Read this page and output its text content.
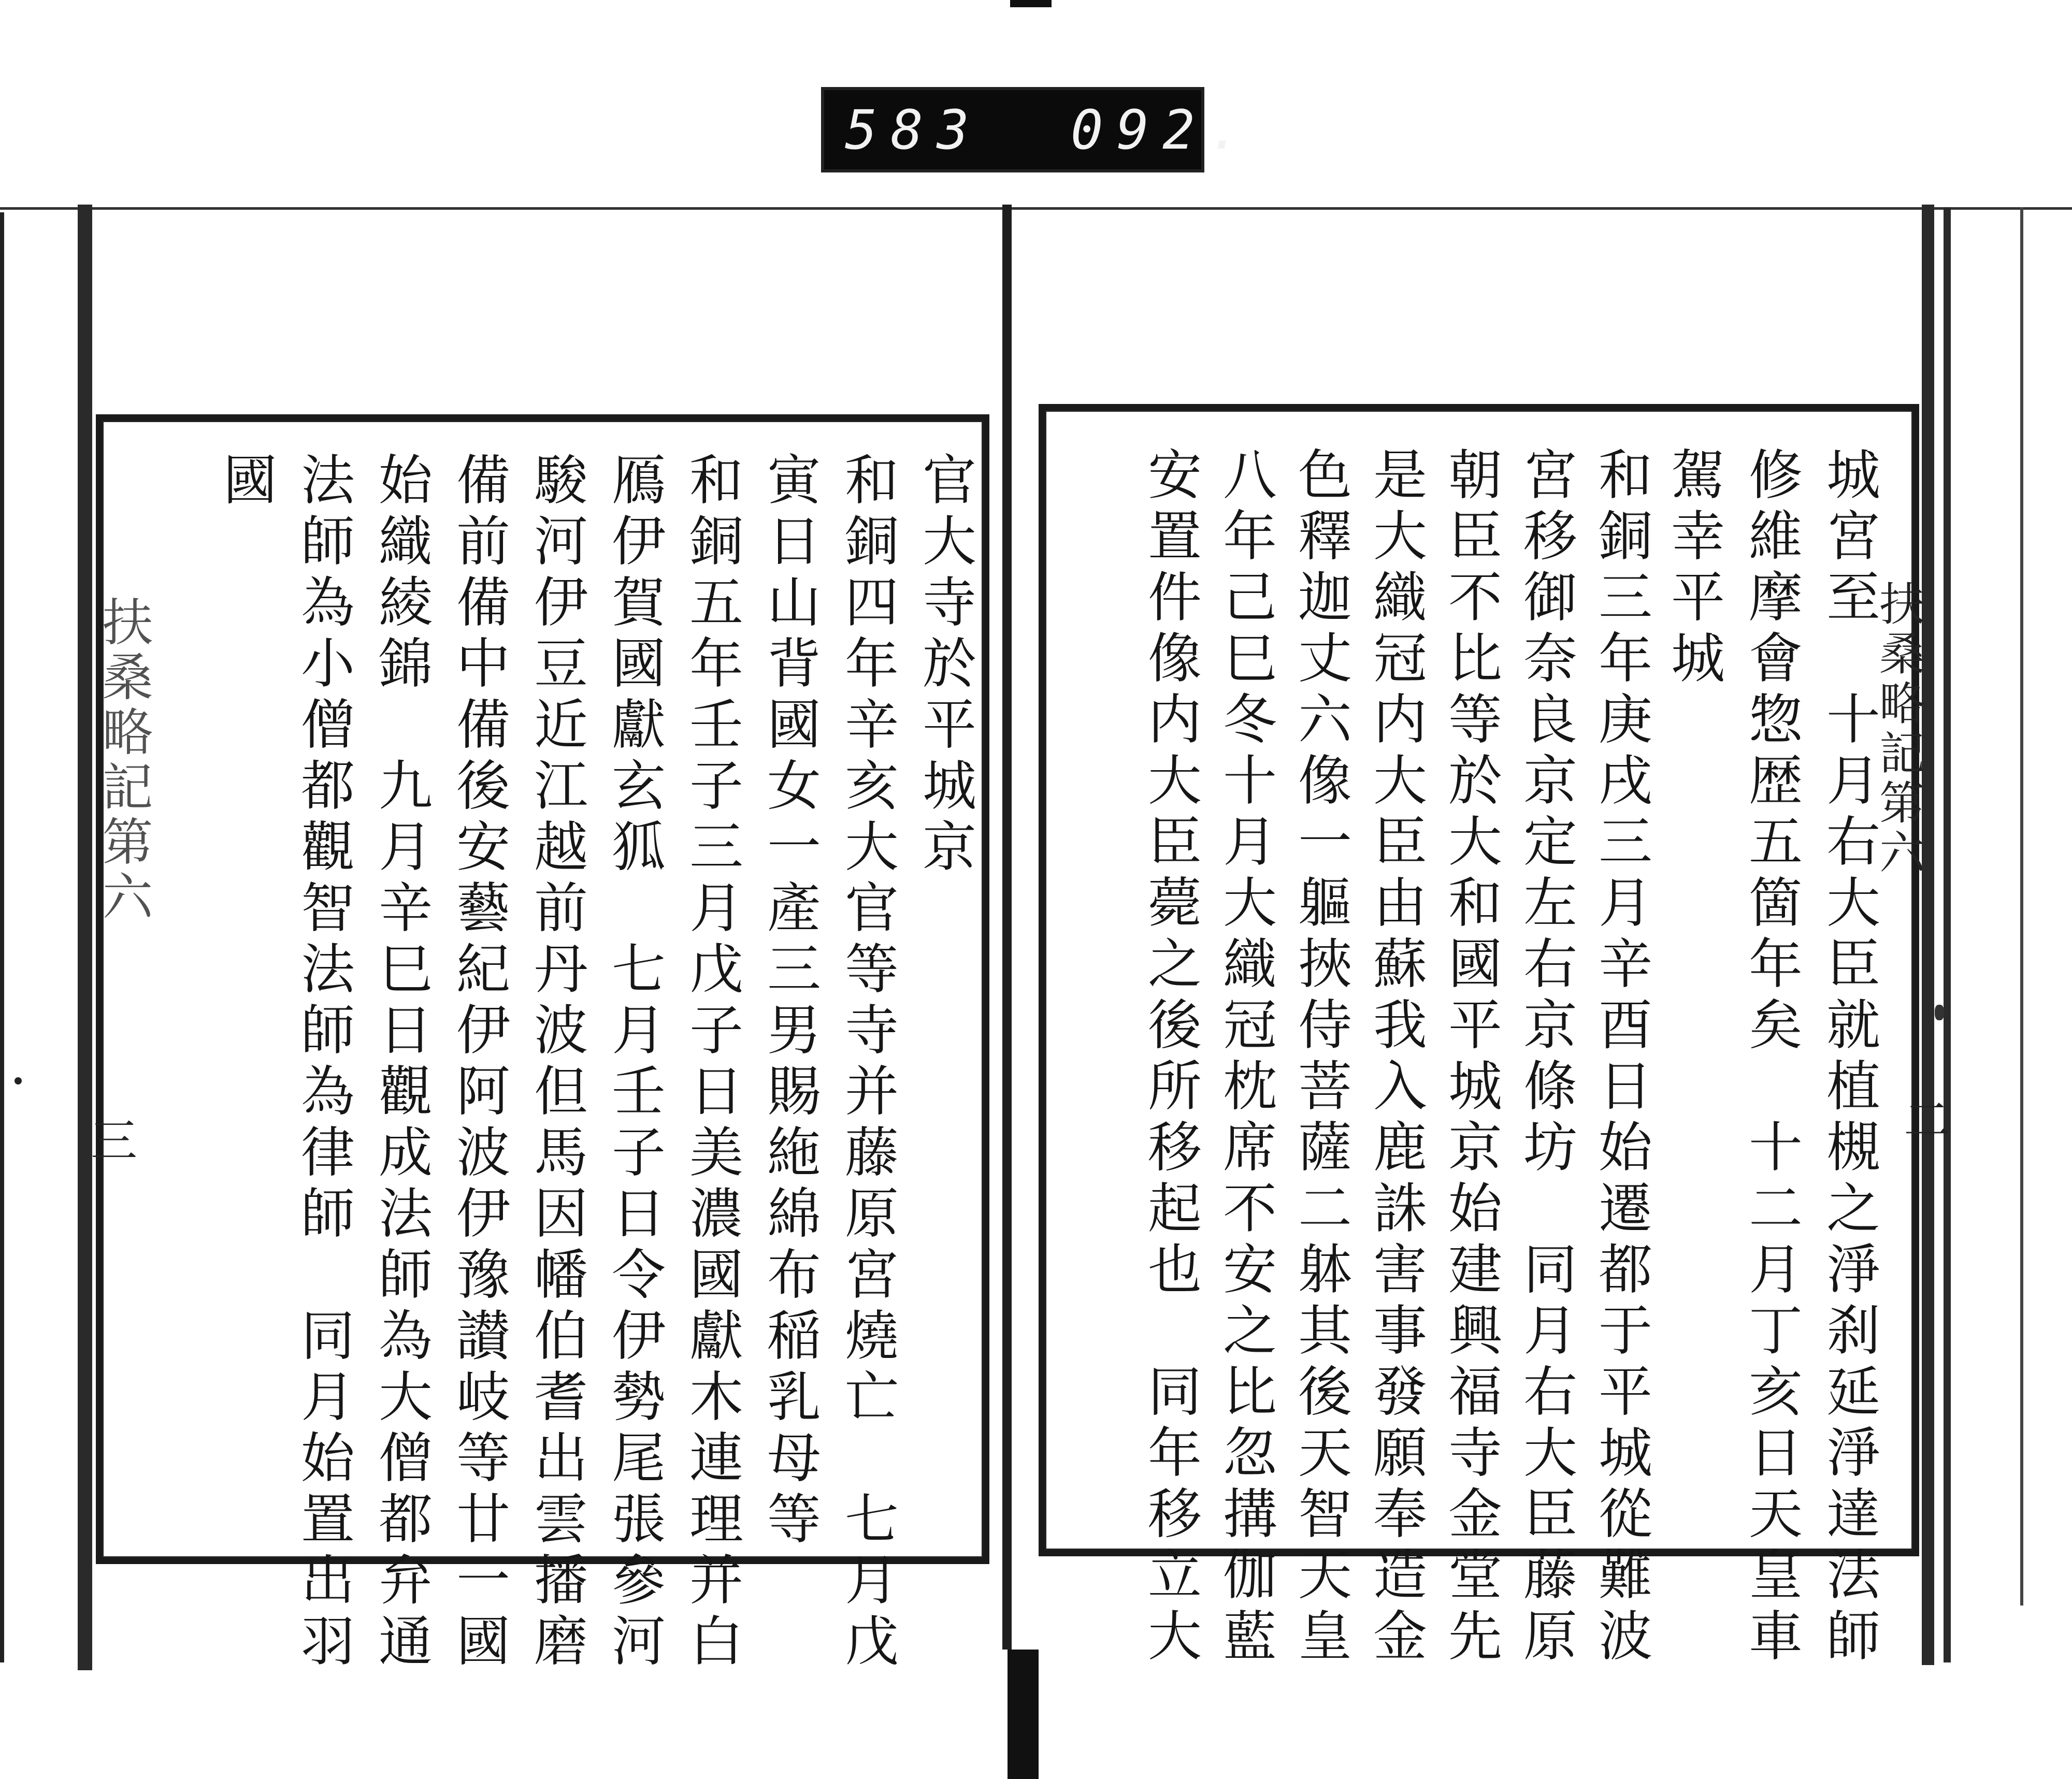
583 092.
官大寺於平城京
和銅四年辛亥大官等寺并藤原宮燒亡　七月戊
寅日山背國女一產三男賜絁綿布稲乳母等
和銅五年壬子三月戊子日美濃國獻木連理并白
鴈伊賀國獻玄狐　七月壬子日令伊勢尾張參河
駿河伊豆近江越前丹波但馬因幡伯耆出雲播磨
備前備中備後安藝紀伊阿波伊豫讃岐等廿一國
始織綾錦　九月辛巳日觀成法師為大僧都弁通
法師為小僧都觀智法師為律師　同月始置出羽
國
扶桑略記第六
三	城宮至　十月右大臣就植槻之淨刹延淨達法師
修維摩會惣歴五箇年矣　十二月丁亥日天皇車
駕幸平城
和銅三年庚戌三月辛酉日始遷都于平城從難波
宮移御奈良京定左右京條坊　同月右大臣藤原
朝臣不比等於大和國平城京始建興福寺金堂先
是大織冠内大臣由蘇我入鹿誅害事發願奉造金
色釋迦丈六像一軀挾侍菩薩二躰其後天智天皇
八年己巳冬十月大織冠枕席不安之比忽搆伽藍
安置件像内大臣薨之後所移起也　同年移立大	扶桑略記第六
二
